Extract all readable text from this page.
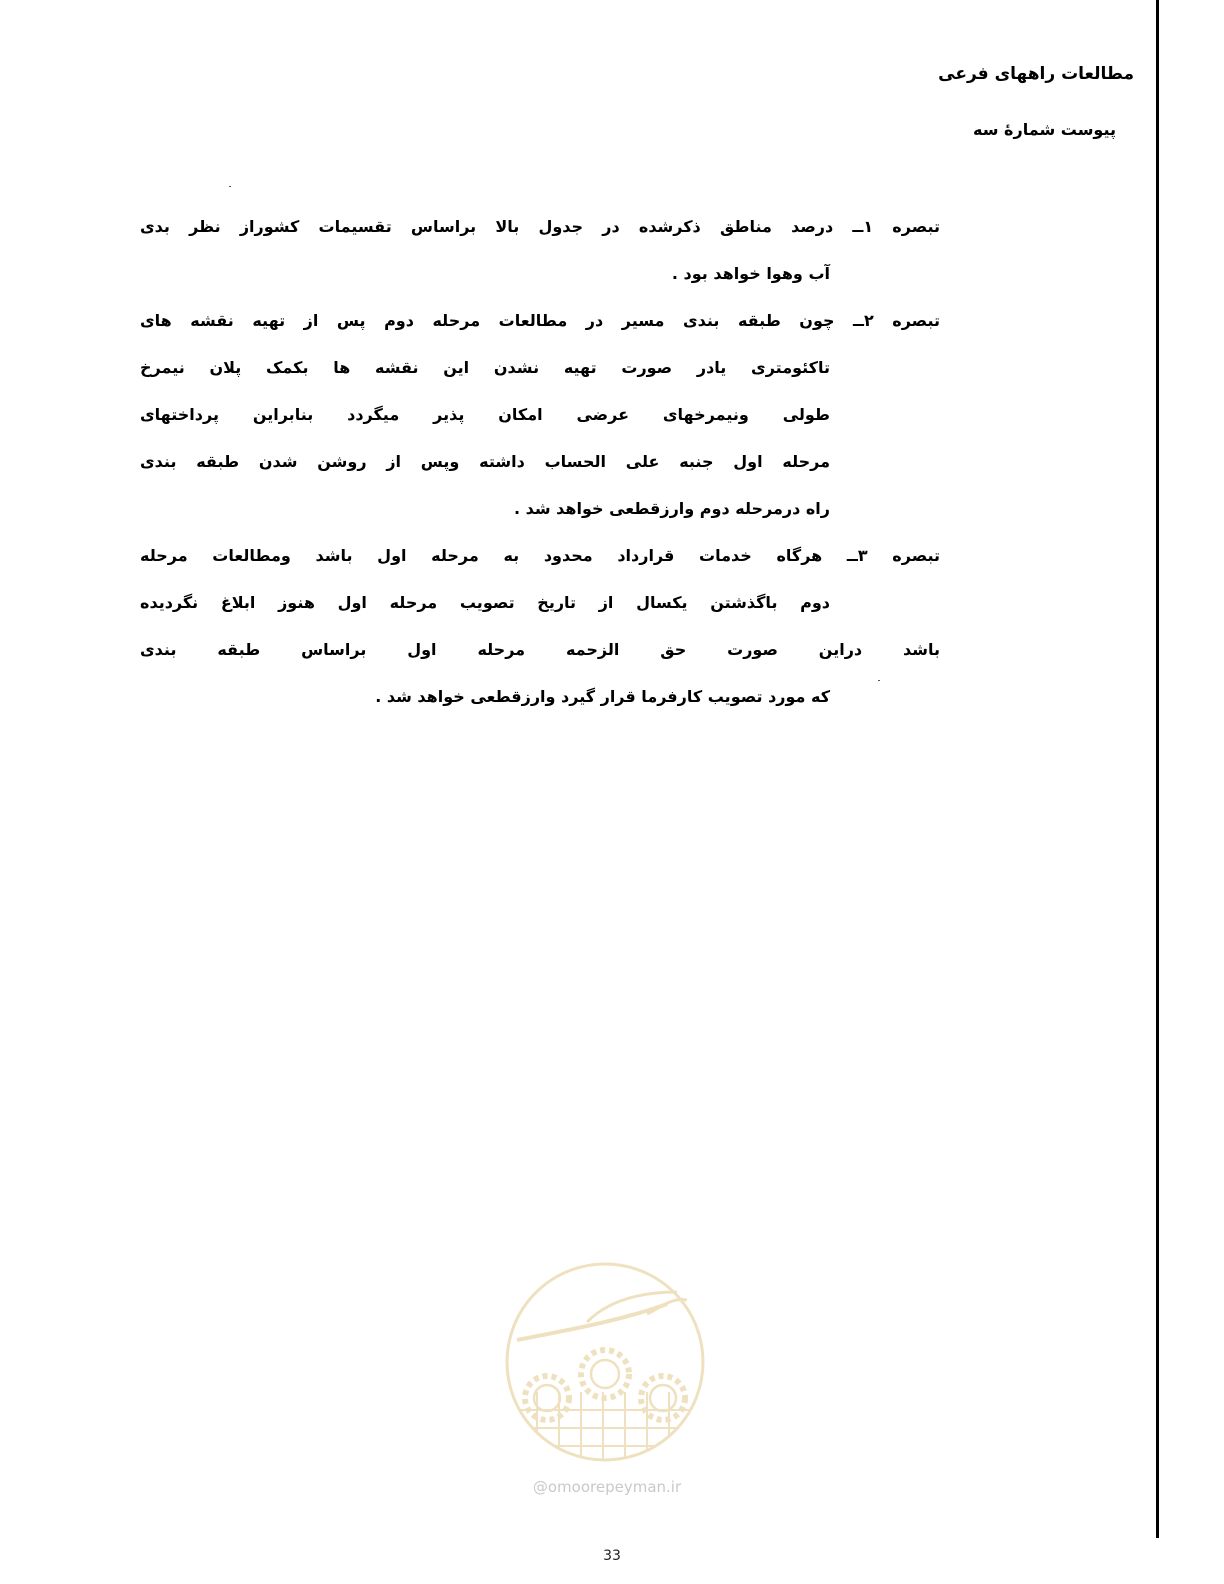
مطالعات راههای فرعی
پیوست شمارهٔ سه
تبصره ۱ــ درصد مناطق ذکرشده در جدول بالا براساس تقسیمات کشوراز نظر بدی
آب وهوا خواهد بود .
تبصره ۲ــ چون طبقه بندی مسیر در مطالعات مرحله دوم پس از تهیه نقشه های
تاکئومتری یادر صورت تهیه نشدن این نقشه ها بکمک پلان نیمرخ
طولی ونیمرخهای عرضی امکان پذیر میگردد بنابراین پرداختهای
مرحله اول جنبه علی الحساب داشته وپس از روشن شدن طبقه بندی
راه درمرحله دوم وارزقطعی خواهد شد .
تبصره ۳ــ هرگاه خدمات قرارداد محدود به مرحله اول باشد ومطالعات مرحله
دوم باگذشتن یکسال از تاریخ تصویب مرحله اول هنوز ابلاغ نگردیده
باشد دراین صورت حق الزحمه مرحله اول براساس طبقه بندی
که مورد تصویب کارفرما قرار گیرد وارزقطعی خواهد شد .
@omoorepeyman.ir
33
